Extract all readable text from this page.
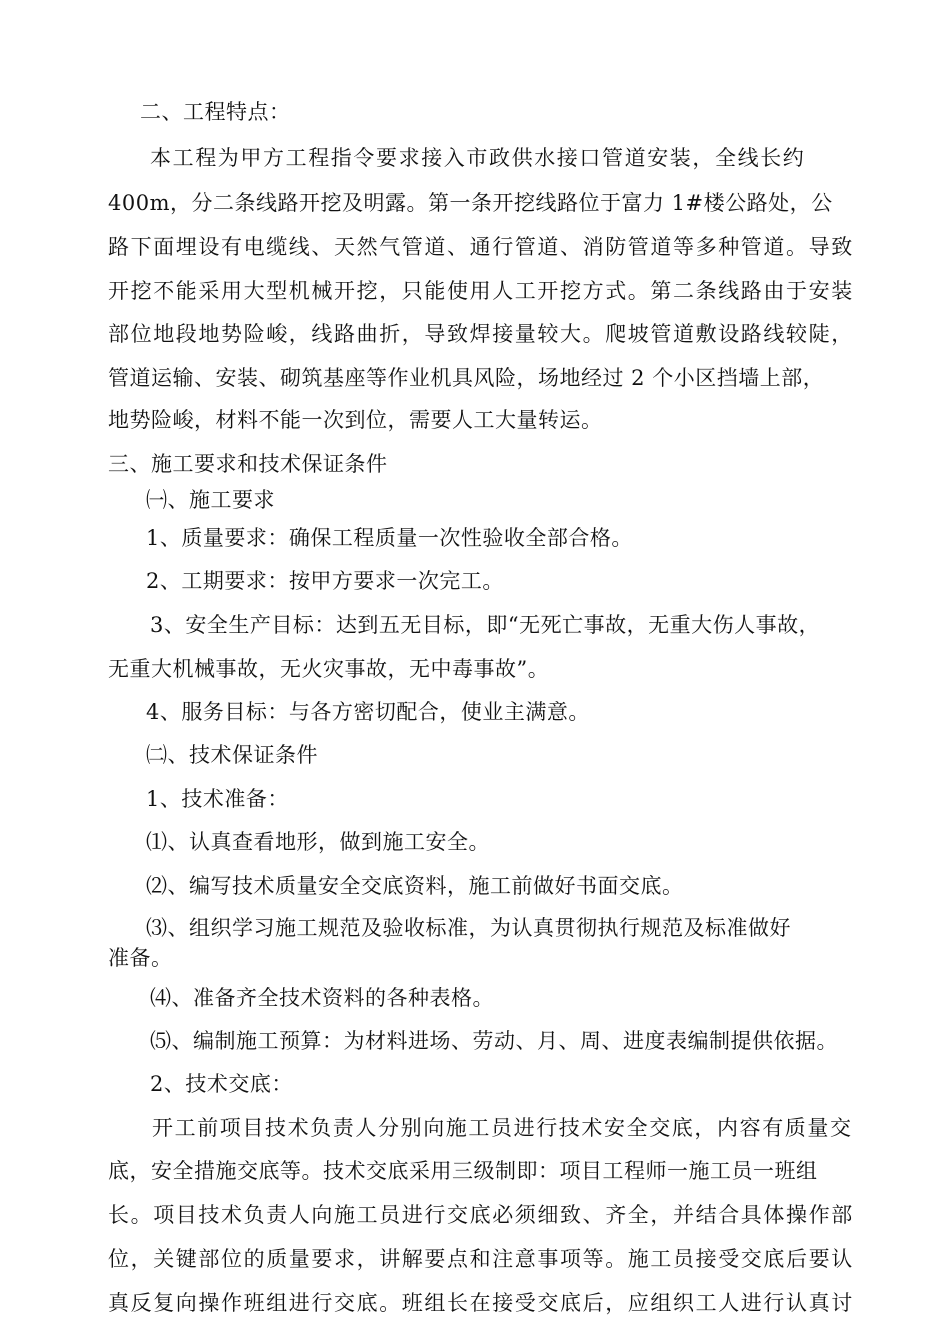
二、工程特点：
本工程为甲方工程指令要求接入市政供水接口管道安装，全线长约
400m，分二条线路开挖及明露。第一条开挖线路位于富力 1#楼公路处，公
路下面埋设有电缆线、天然气管道、通行管道、消防管道等多种管道。导致
开挖不能采用大型机械开挖，只能使用人工开挖方式。第二条线路由于安装
部位地段地势险峻，线路曲折，导致焊接量较大。爬坡管道敷设路线较陡，
管道运输、安装、砌筑基座等作业机具风险，场地经过 2 个小区挡墙上部，
地势险峻，材料不能一次到位，需要人工大量转运。
三、施工要求和技术保证条件
㈠、施工要求
1、质量要求：确保工程质量一次性验收全部合格。
2、工期要求：按甲方要求一次完工。
3、安全生产目标：达到五无目标，即“无死亡事故，无重大伤人事故，
无重大机械事故，无火灾事故，无中毒事故”。
4、服务目标：与各方密切配合，使业主满意。
㈡、技术保证条件
1、技术准备：
⑴、认真查看地形，做到施工安全。
⑵、编写技术质量安全交底资料，施工前做好书面交底。
⑶、组织学习施工规范及验收标准，为认真贯彻执行规范及标准做好
准备。
⑷、准备齐全技术资料的各种表格。
⑸、编制施工预算：为材料进场、劳动、月、周、进度表编制提供依据。
2、技术交底：
开工前项目技术负责人分别向施工员进行技术安全交底，内容有质量交
底，安全措施交底等。技术交底采用三级制即：项目工程师一施工员一班组
长。项目技术负责人向施工员进行交底必须细致、齐全，并结合具体操作部
位，关键部位的质量要求，讲解要点和注意事项等。施工员接受交底后要认
真反复向操作班组进行交底。班组长在接受交底后，应组织工人进行认真讨
